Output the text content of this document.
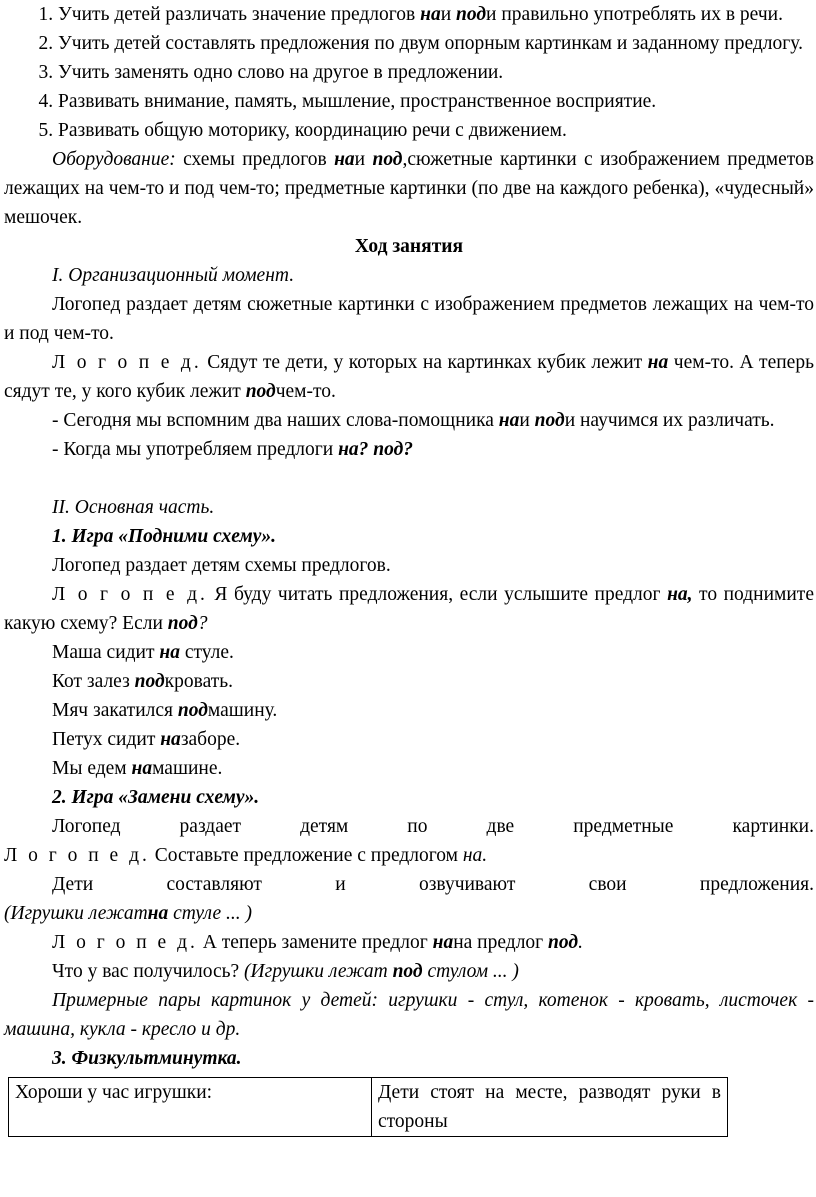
1. Учить детей различать значение предлогов наи поди правильно употреблять их в речи.
2. Учить детей составлять предложения по двум опорным картинкам и заданному предлогу.
3. Учить заменять одно слово на другое в предложении.
4. Развивать внимание, память, мышление, пространственное восприятие.
5. Развивать общую моторику, координацию речи с движением.

Оборудование: схемы предлогов наи под,сюжетные картинки с изображением предметов лежащих на чем-то и под чем-то; предметные картинки (по две на каждого ребенка), «чудесный» мешочек.

Ход занятия

I. Организационный момент.

Логопед раздает детям сюжетные картинки с изображением предметов лежащих на чем-то и под чем-то.

Л о г о п е д. Сядут те дети, у которых на картинках кубик лежит на чем-то. А теперь сядут те, у кого кубик лежит подчем-то.

- Сегодня мы вспомним два наших слова-помощника наи поди научимся их различать.

- Когда мы употребляем предлоги на? под?

II. Основная часть.

1. Игра «Подними схему».

Логопед раздает детям схемы предлогов.

Л о г о п е д. Я буду читать предложения, если услышите предлог на, то поднимите какую схему? Если под?

Маша сидит на стуле.

Кот залез подкровать.

Мяч закатился подмашину.

Петух сидит назаборе.

Мы едем намашине.

2. Игра «Замени схему».

Логопед раздает детям по две предметные картинки.

Л о г о п е д. Составьте предложение с предлогом на.

Дети составляют и озвучивают свои предложения.

(Игрушки лежатна стуле ... )

Л о г о п е д. А теперь замените предлог нана предлог под.

Что у вас получилось? (Игрушки лежат под стулом ... )

Примерные пары картинок у детей: игрушки - стул, котенок - кровать, листочек - машина, кукла - кресло и др.

3. Физкультминутка.

Хороши у час игрушки:	Дети стоят на месте, разводят руки в стороны
